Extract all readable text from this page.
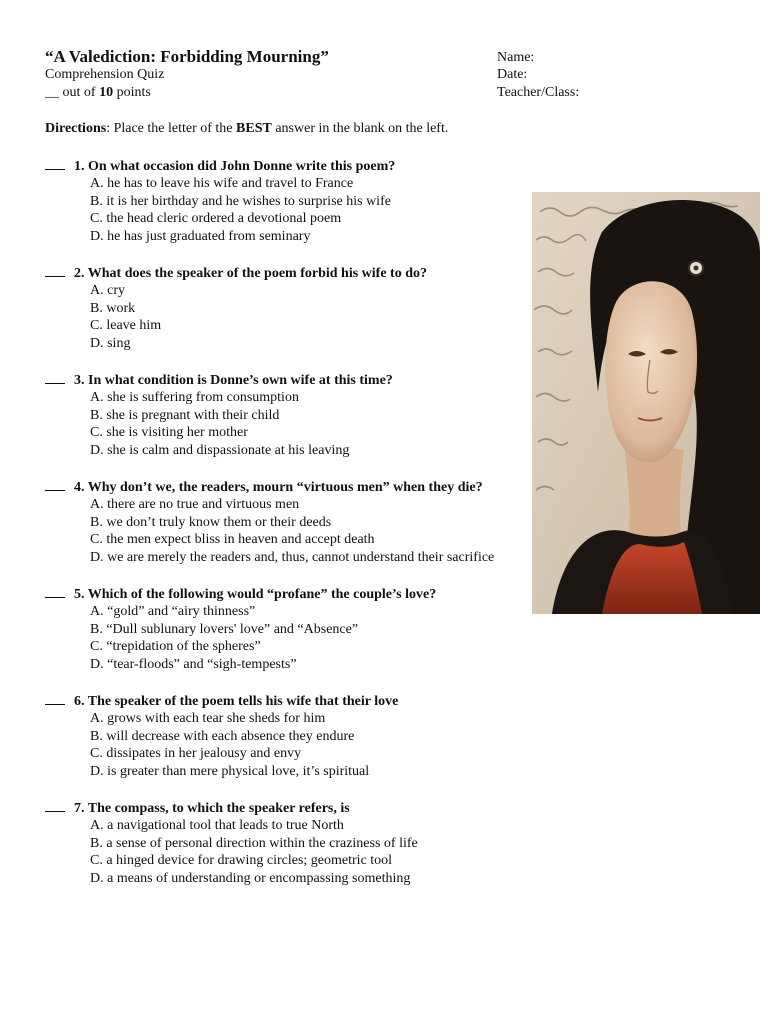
“A Valediction: Forbidding Mourning”
Comprehension Quiz
__ out of 10 points
Name:
Date:
Teacher/Class:
Directions: Place the letter of the BEST answer in the blank on the left.
1. On what occasion did John Donne write this poem?
A. he has to leave his wife and travel to France
B. it is her birthday and he wishes to surprise his wife
C. the head cleric ordered a devotional poem
D. he has just graduated from seminary
2. What does the speaker of the poem forbid his wife to do?
A. cry
B. work
C. leave him
D. sing
3. In what condition is Donne’s own wife at this time?
A. she is suffering from consumption
B. she is pregnant with their child
C. she is visiting her mother
D. she is calm and dispassionate at his leaving
4. Why don’t we, the readers, mourn “virtuous men” when they die?
A. there are no true and virtuous men
B. we don’t truly know them or their deeds
C. the men expect bliss in heaven and accept death
D. we are merely the readers and, thus, cannot understand their sacrifice
5. Which of the following would “profane” the couple’s love?
A. “gold” and “airy thinness”
B. “Dull sublunary lovers' love” and “Absence”
C. “trepidation of the spheres”
D. “tear-floods” and “sigh-tempests”
6. The speaker of the poem tells his wife that their love
A. grows with each tear she sheds for him
B. will decrease with each absence they endure
C. dissipates in her jealousy and envy
D. is greater than mere physical love, it’s spiritual
7. The compass, to which the speaker refers, is
A. a navigational tool that leads to true North
B. a sense of personal direction within the craziness of life
C. a hinged device for drawing circles; geometric tool
D. a means of understanding or encompassing something
